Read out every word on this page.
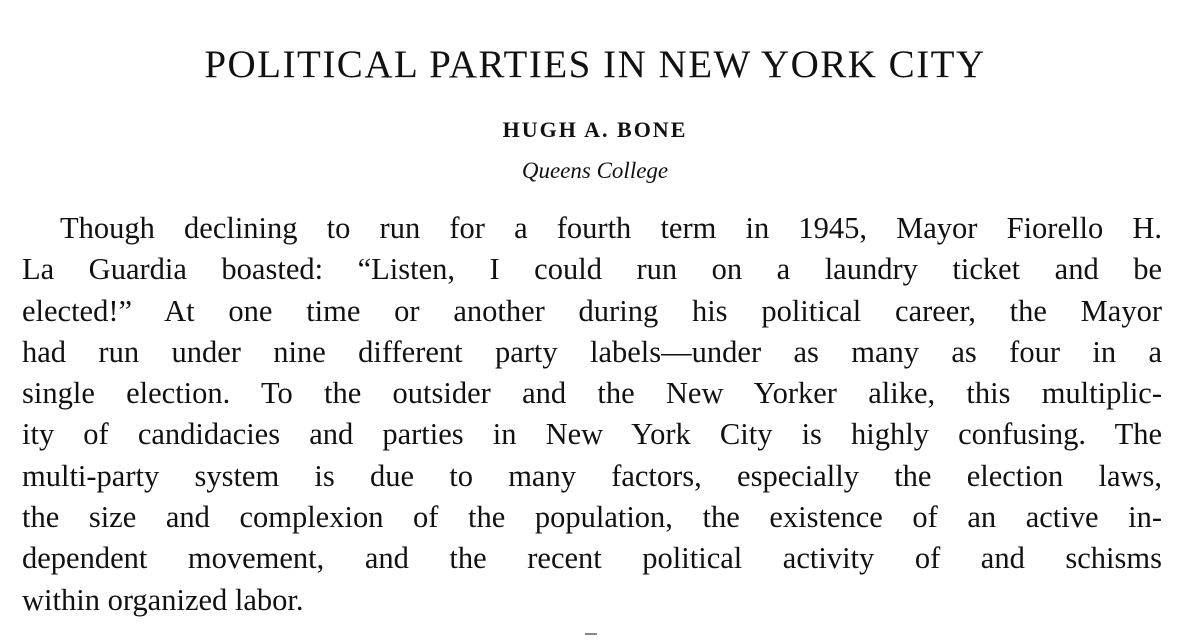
POLITICAL PARTIES IN NEW YORK CITY
HUGH A. BONE
Queens College
Though declining to run for a fourth term in 1945, Mayor Fiorello H.
La Guardia boasted: “Listen, I could run on a laundry ticket and be
elected!” At one time or another during his political career, the Mayor
had run under nine different party labels—under as many as four in a
single election. To the outsider and the New Yorker alike, this multiplic-
ity of candidacies and parties in New York City is highly confusing. The
multi-party system is due to many factors, especially the election laws,
the size and complexion of the population, the existence of an active in-
dependent movement, and the recent political activity of and schisms
within organized labor.
